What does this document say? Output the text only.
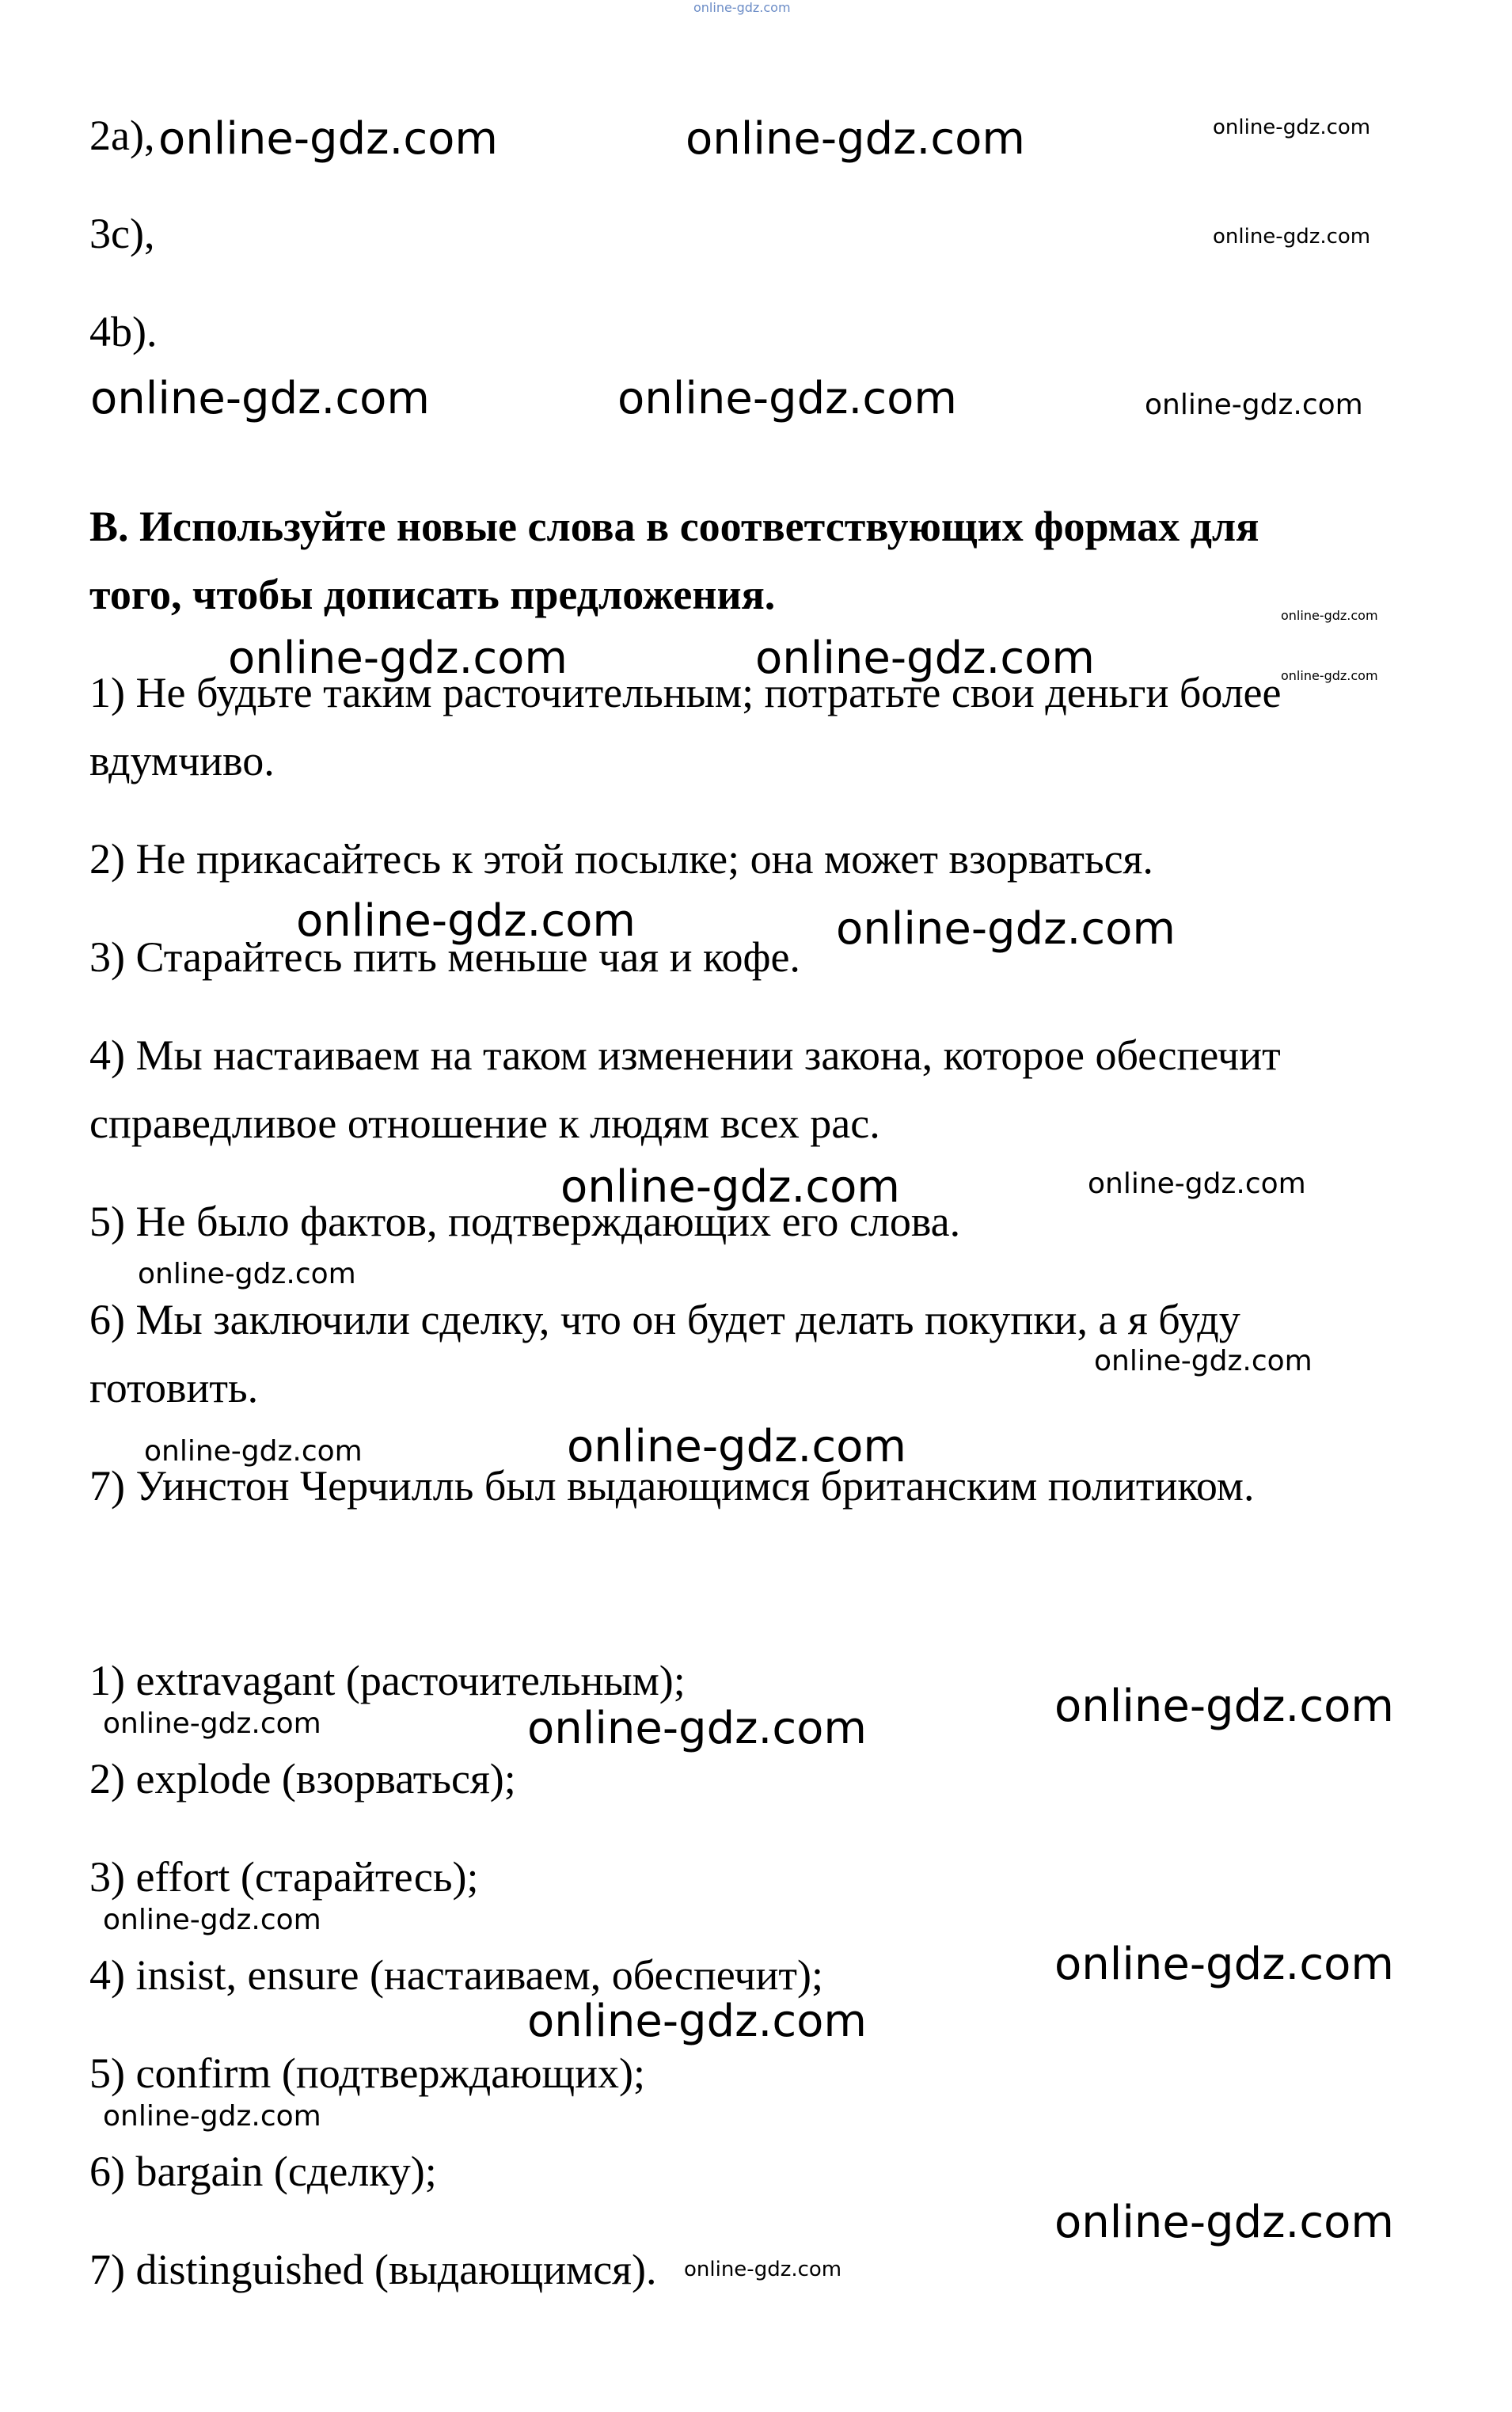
online-gdz.com
2a),
3c),
4b).
B. Используйте новые слова в соответствующих формах для
того, чтобы дописать предложения.
1) Не будьте таким расточительным; потратьте свои деньги более
вдумчиво.
2) Не прикасайтесь к этой посылке; она может взорваться.
3) Старайтесь пить меньше чая и кофе.
4) Мы настаиваем на таком изменении закона, которое обеспечит
справедливое отношение к людям всех рас.
5) Не было фактов, подтверждающих его слова.
6) Мы заключили сделку, что он будет делать покупки, а я буду
готовить.
7) Уинстон Черчилль был выдающимся британским политиком.
1) extravagant (расточительным);
2) explode (взорваться);
3) effort (старайтесь);
4) insist, ensure (настаиваем, обеспечит);
5) confirm (подтверждающих);
6) bargain (сделку);
7) distinguished (выдающимся).
online-gdz.com	online-gdz.com	online-gdz.com
online-gdz.com
online-gdz.com	online-gdz.com	online-gdz.com
online-gdz.com
online-gdz.com	online-gdz.com	online-gdz.com
online-gdz.com	online-gdz.com
online-gdz.com	online-gdz.com
online-gdz.com
online-gdz.com
online-gdz.com	online-gdz.com
online-gdz.com	online-gdz.com	online-gdz.com
online-gdz.com
online-gdz.com
online-gdz.com
online-gdz.com
online-gdz.com
online-gdz.com
